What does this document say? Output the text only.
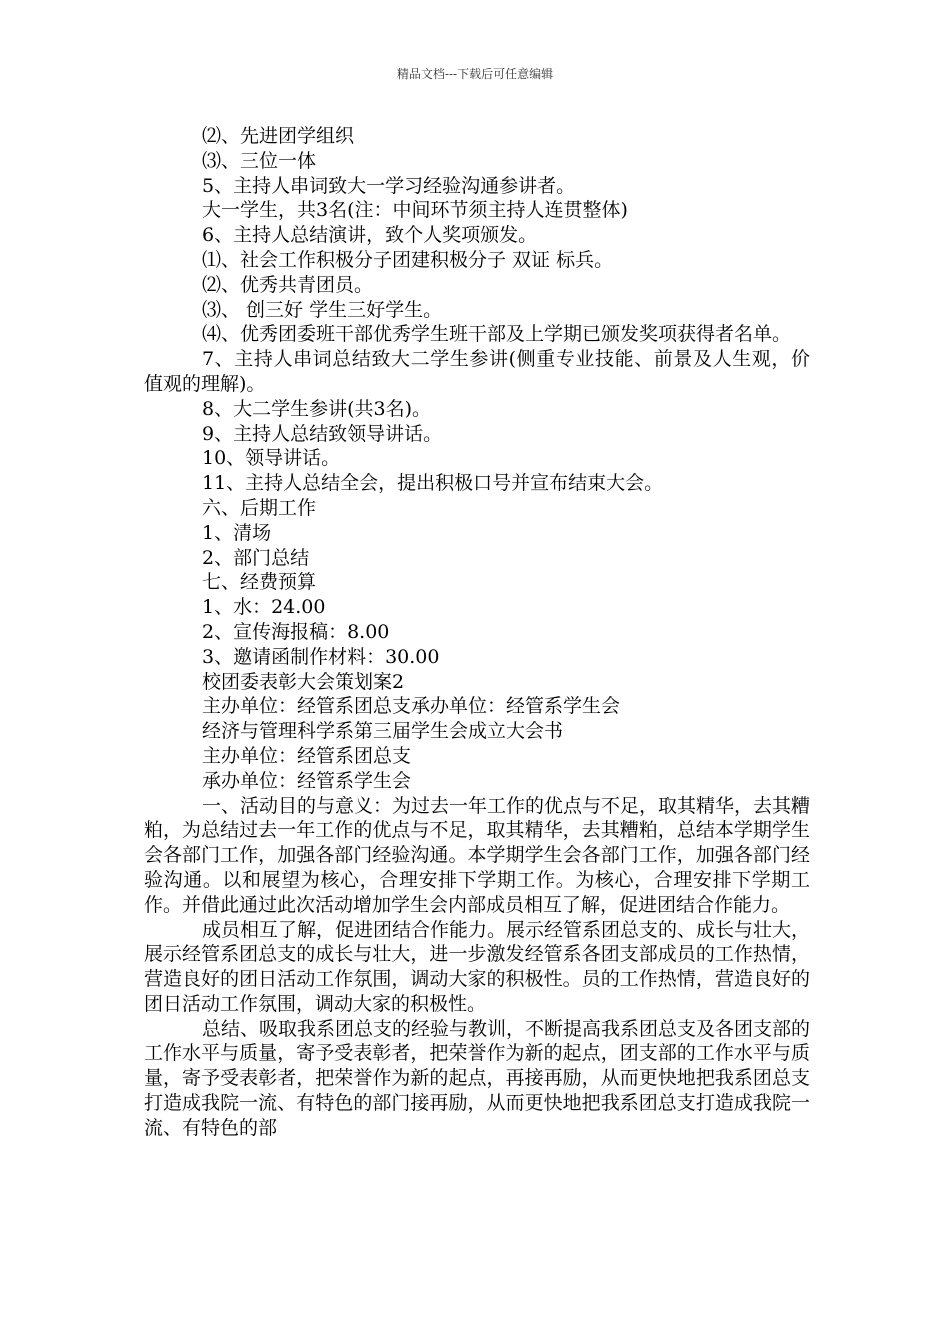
精品文档---下载后可任意编辑

⑵、先进团学组织

⑶、三位一体

5、主持人串词致大一学习经验沟通参讲者。

大一学生，共3名(注：中间环节须主持人连贯整体)

6、主持人总结演讲，致个人奖项颁发。

⑴、社会工作积极分子团建积极分子 双证 标兵。

⑵、优秀共青团员。

⑶、 创三好 学生三好学生。

⑷、优秀团委班干部优秀学生班干部及上学期已颁发奖项获得者名单。

7、主持人串词总结致大二学生参讲(侧重专业技能、前景及人生观，价值观的理解)。

8、大二学生参讲(共3名)。

9、主持人总结致领导讲话。

10、领导讲话。

11、主持人总结全会，提出积极口号并宣布结束大会。

六、后期工作

1、清场

2、部门总结

七、经费预算

1、水：24.00

2、宣传海报稿：8.00

3、邀请函制作材料：30.00

校团委表彰大会策划案2

主办单位：经管系团总支承办单位：经管系学生会

经济与管理科学系第三届学生会成立大会书

主办单位：经管系团总支

承办单位：经管系学生会

一、活动目的与意义：为过去一年工作的优点与不足，取其精华，去其糟粕，为总结过去一年工作的优点与不足，取其精华，去其糟粕，总结本学期学生会各部门工作，加强各部门经验沟通。本学期学生会各部门工作，加强各部门经验沟通。以和展望为核心，合理安排下学期工作。为核心，合理安排下学期工作。并借此通过此次活动增加学生会内部成员相互了解，促进团结合作能力。

成员相互了解，促进团结合作能力。展示经管系团总支的、成长与壮大，展示经管系团总支的成长与壮大，进一步激发经管系各团支部成员的工作热情，营造良好的团日活动工作氛围，调动大家的积极性。员的工作热情，营造良好的团日活动工作氛围，调动大家的积极性。

总结、吸取我系团总支的经验与教训，不断提高我系团总支及各团支部的工作水平与质量，寄予受表彰者，把荣誉作为新的起点，团支部的工作水平与质量，寄予受表彰者，把荣誉作为新的起点，再接再励，从而更快地把我系团总支打造成我院一流、有特色的部门接再励，从而更快地把我系团总支打造成我院一流、有特色的部
